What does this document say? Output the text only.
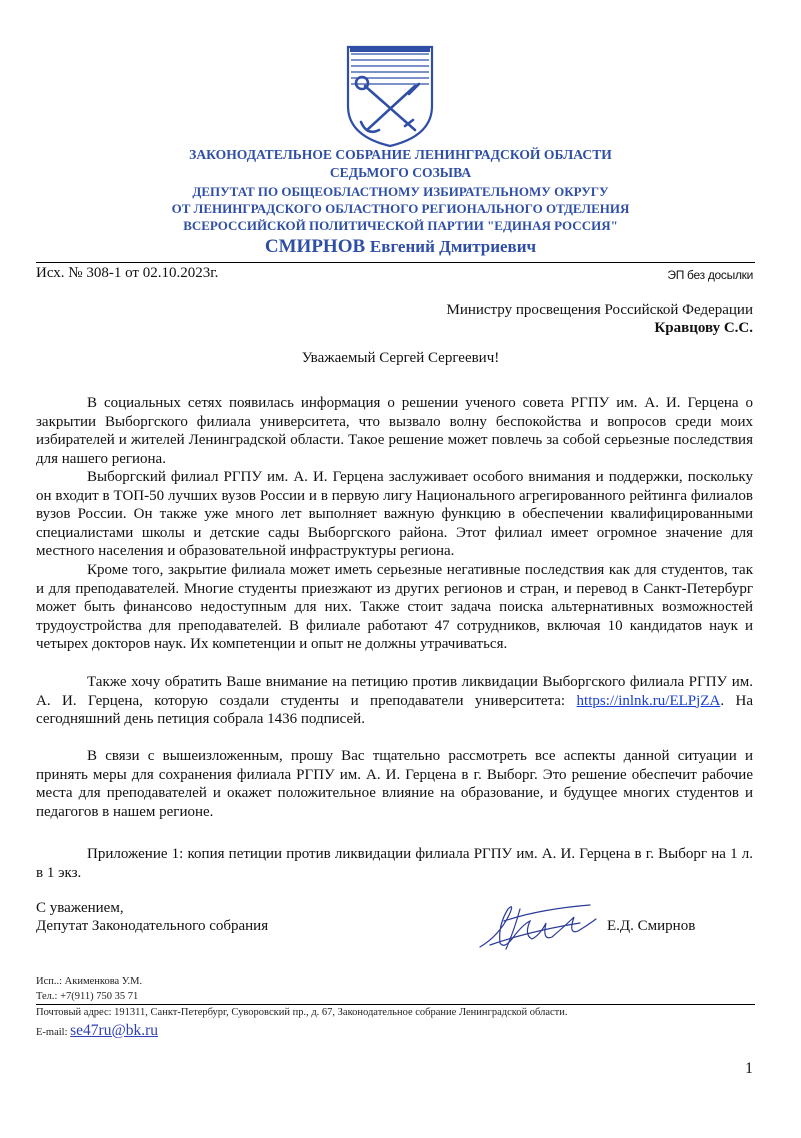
ЗАКОНОДАТЕЛЬНОЕ СОБРАНИЕ ЛЕНИНГРАДСКОЙ ОБЛАСТИ
СЕДЬМОГО СОЗЫВА
ДЕПУТАТ ПО ОБЩЕОБЛАСТНОМУ ИЗБИРАТЕЛЬНОМУ ОКРУГУ
ОТ ЛЕНИНГРАДСКОГО ОБЛАСТНОГО РЕГИОНАЛЬНОГО ОТДЕЛЕНИЯ
ВСЕРОССИЙСКОЙ ПОЛИТИЧЕСКОЙ ПАРТИИ "ЕДИНАЯ РОССИЯ"
СМИРНОВ Евгений Дмитриевич
Исх. № 308-1 от 02.10.2023г.	ЭП без досылки
Министру просвещения Российской Федерации
Кравцову С.С.
Уважаемый Сергей Сергеевич!

В социальных сетях появилась информация о решении ученого совета РГПУ им. А. И. Герцена о закрытии Выборгского филиала университета, что вызвало волну беспокойства и вопросов среди моих избирателей и жителей Ленинградской области. Такое решение может повлечь за собой серьезные последствия для нашего региона.

Выборгский филиал РГПУ им. А. И. Герцена заслуживает особого внимания и поддержки, поскольку он входит в ТОП-50 лучших вузов России и в первую лигу Национального агрегированного рейтинга филиалов вузов России. Он также уже много лет выполняет важную функцию в обеспечении квалифицированными специалистами школы и детские сады Выборгского района. Этот филиал имеет огромное значение для местного населения и образовательной инфраструктуры региона.

Кроме того, закрытие филиала может иметь серьезные негативные последствия как для студентов, так и для преподавателей. Многие студенты приезжают из других регионов и стран, и перевод в Санкт-Петербург может быть финансово недоступным для них. Также стоит задача поиска альтернативных возможностей трудоустройства для преподавателей. В филиале работают 47 сотрудников, включая 10 кандидатов наук и четырех докторов наук. Их компетенции и опыт не должны утрачиваться.

Также хочу обратить Ваше внимание на петицию против ликвидации Выборгского филиала РГПУ им. А. И. Герцена, которую создали студенты и преподаватели университета: https://inlnk.ru/ELPjZA. На сегодняшний день петиция собрала 1436 подписей.

В связи с вышеизложенным, прошу Вас тщательно рассмотреть все аспекты данной ситуации и принять меры для сохранения филиала РГПУ им. А. И. Герцена в г. Выборг. Это решение обеспечит рабочие места для преподавателей и окажет положительное влияние на образование, и будущее многих студентов и педагогов в нашем регионе.

Приложение 1: копия петиции против ликвидации филиала РГПУ им. А. И. Герцена в г. Выборг на 1 л. в 1 экз.

С уважением,
Депутат Законодательного собрания	Е.Д. Смирнов
Исп..: Акименкова У.М.
Тел.: +7(911) 750 35 71
Почтовый адрес: 191311, Санкт-Петербург, Суворовский пр., д. 67, Законодательное собрание Ленинградской области.
E-mail: se47ru@bk.ru
1
